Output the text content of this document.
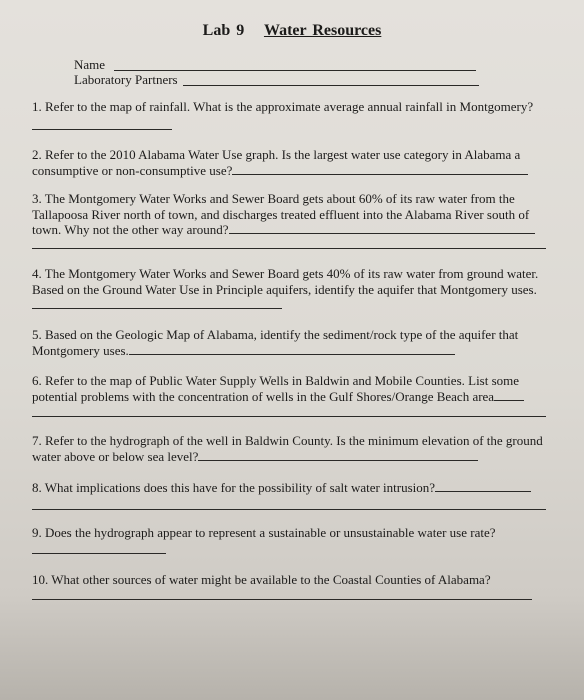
Lab 9 Water Resources
Name
Laboratory Partners
1. Refer to the map of rainfall. What is the approximate average annual rainfall in Montgomery?
2. Refer to the 2010 Alabama Water Use graph. Is the largest water use category in Alabama a consumptive or non-consumptive use?
3. The Montgomery Water Works and Sewer Board gets about 60% of its raw water from the Tallapoosa River north of town, and discharges treated effluent into the Alabama River south of town. Why not the other way around?
4. The Montgomery Water Works and Sewer Board gets 40% of its raw water from ground water. Based on the Ground Water Use in Principle aquifers, identify the aquifer that Montgomery uses.
5. Based on the Geologic Map of Alabama, identify the sediment/rock type of the aquifer that Montgomery uses.
6. Refer to the map of Public Water Supply Wells in Baldwin and Mobile Counties. List some potential problems with the concentration of wells in the Gulf Shores/Orange Beach area
7. Refer to the hydrograph of the well in Baldwin County. Is the minimum elevation of the ground water above or below sea level?
8. What implications does this have for the possibility of salt water intrusion?
9. Does the hydrograph appear to represent a sustainable or unsustainable water use rate?
10. What other sources of water might be available to the Coastal Counties of Alabama?
